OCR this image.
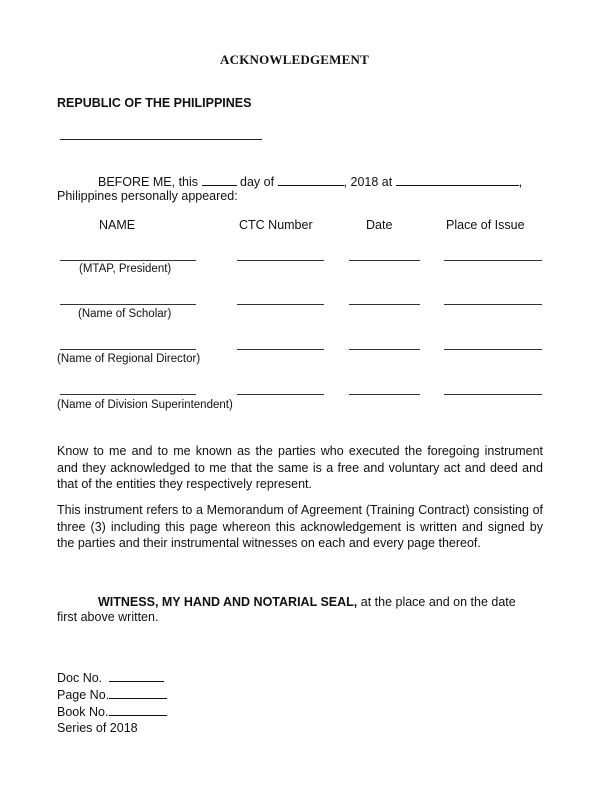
ACKNOWLEDGEMENT
REPUBLIC OF THE PHILIPPINES
BEFORE ME, this	day of	, 2018 at	,
Philippines personally appeared:
NAME	CTC Number	Date	Place of Issue
(MTAP, President)
(Name of Scholar)
(Name of Regional Director)
(Name of Division Superintendent)
Know to me and to me known as the parties who executed the foregoing instrument and they acknowledged to me that the same is a free and voluntary act and deed and that of the entities they respectively represent.
This instrument refers to a Memorandum of Agreement (Training Contract) consisting of three (3) including this page whereon this acknowledgement is written and signed by the parties and their instrumental witnesses on each and every page thereof.
WITNESS, MY HAND AND NOTARIAL SEAL, at the place and on the date
first above written.
Doc No.
Page No.
Book No.
Series of 2018
